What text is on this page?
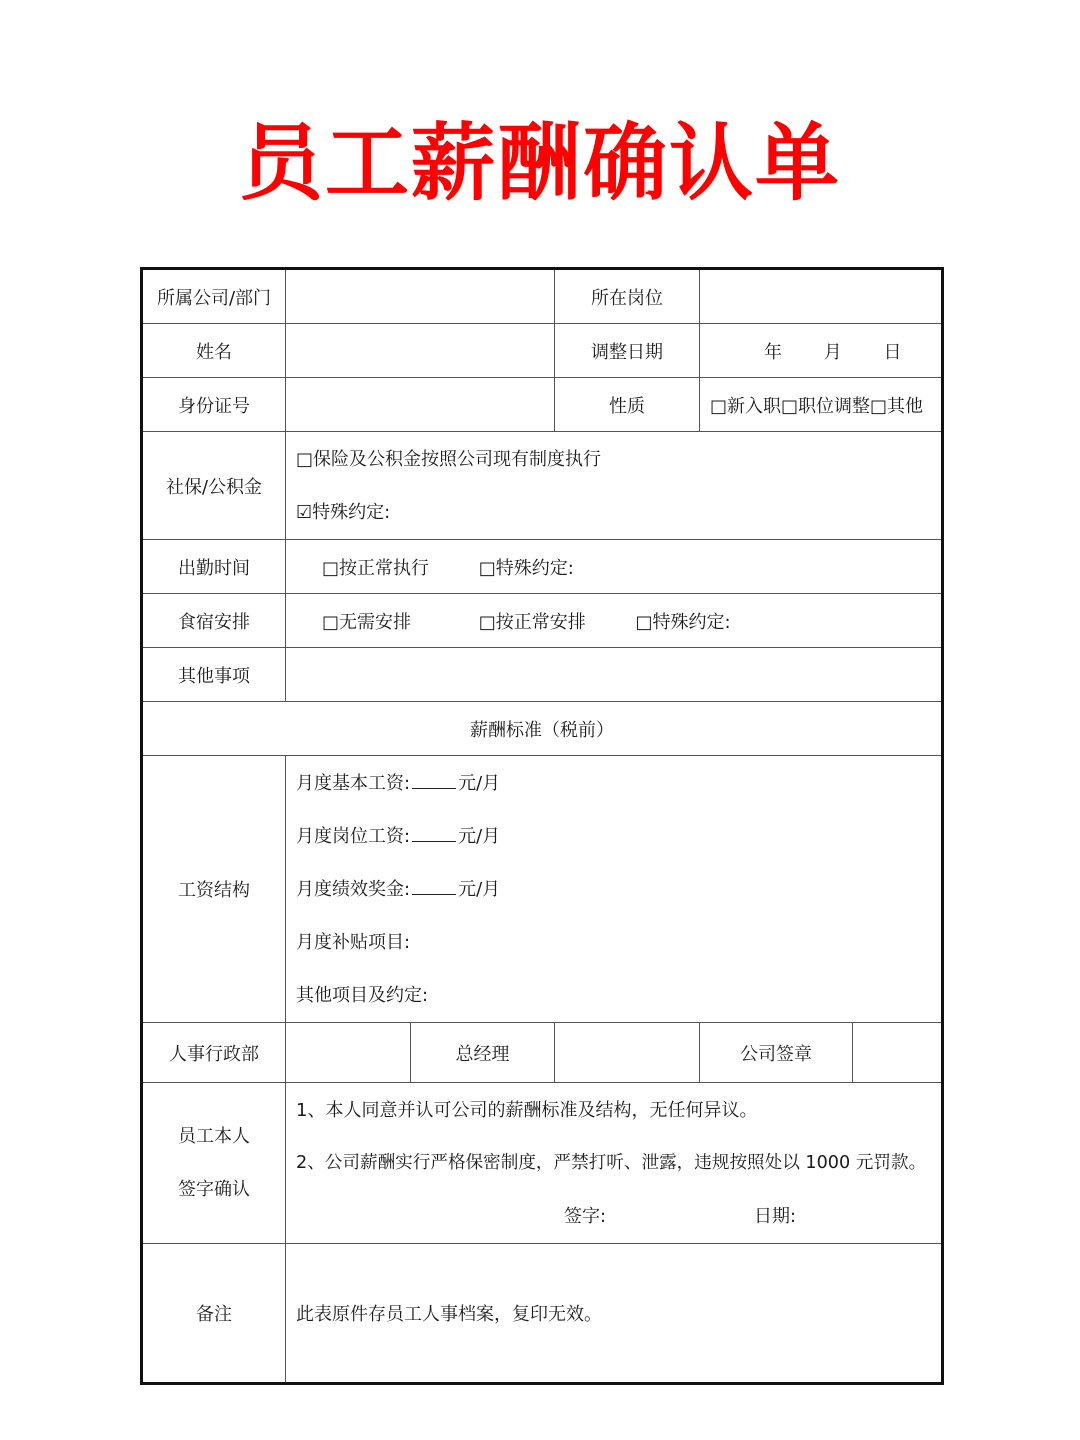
员工薪酬确认单
所属公司/部门			所在岗位		
姓名			调整日期	年 月 日	
身份证号			性质	□新入职□职位调整□其他	
社保/公积金	□保险及公积金按照公司现有制度执行
☑特殊约定:				

出勤时间	□按正常执行 □特殊约定:				
食宿安排	□无需安排 □按正常安排 □特殊约定:				
其他事项					
薪酬标准（税前）					
工资结构	月度基本工资: 元/月
月度岗位工资: 元/月
月度绩效奖金: 元/月
月度补贴项目:
其他项目及约定:				

人事行政部		总经理		公司签章	

员工本人
签字确认	1、本人同意并认可公司的薪酬标准及结构，无任何异议。
2、公司薪酬实行严格保密制度，严禁打听、泄露，违规按照处以 1000 元罚款。
签字: 日期:				

备注	此表原件存员工人事档案，复印无效。				
